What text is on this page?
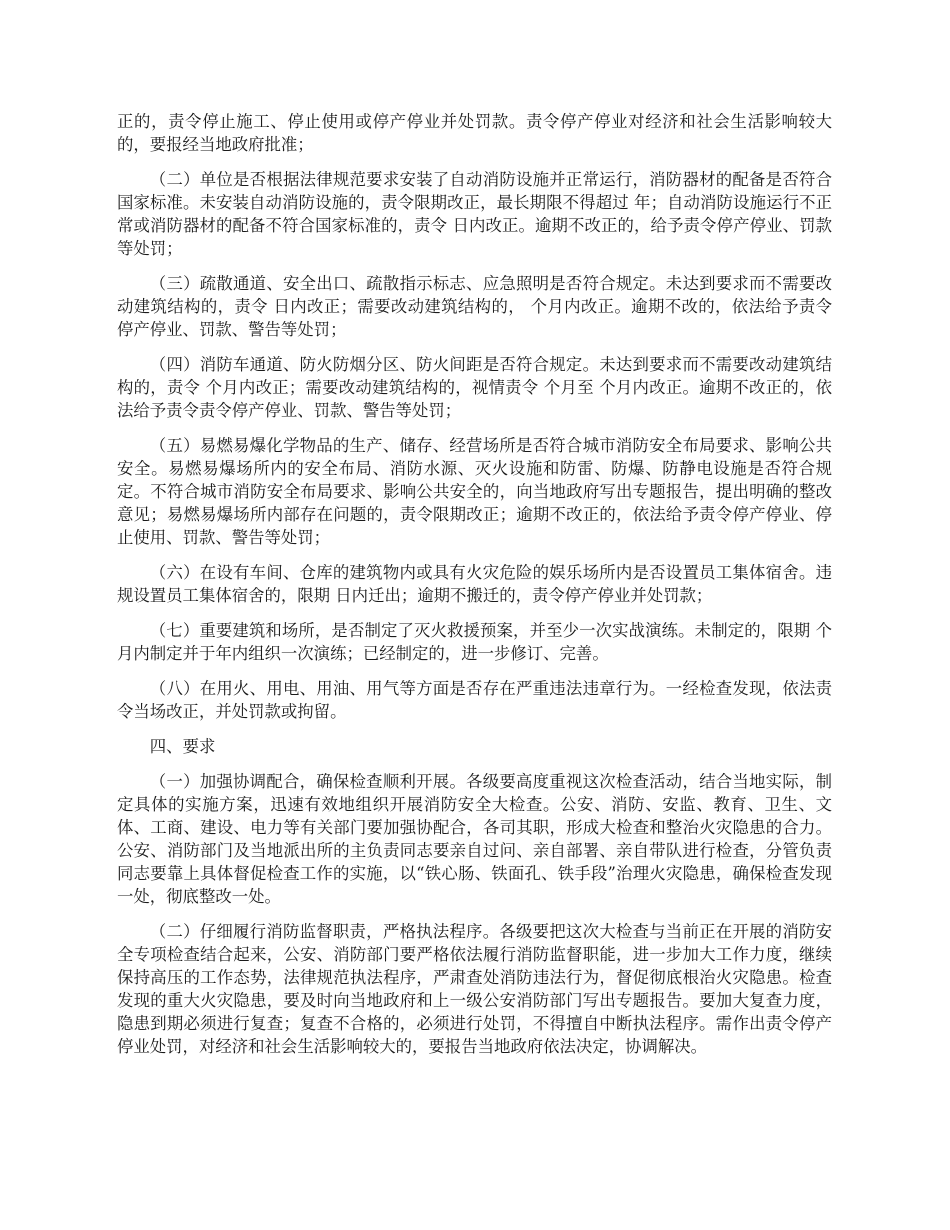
正的，责令停止施工、停止使用或停产停业并处罚款。责令停产停业对经济和社会生活影响较大的，要报经当地政府批准；

（二）单位是否根据法律规范要求安装了自动消防设施并正常运行，消防器材的配备是否符合国家标准。未安装自动消防设施的，责令限期改正，最长期限不得超过 年；自动消防设施运行不正常或消防器材的配备不符合国家标准的，责令 日内改正。逾期不改正的，给予责令停产停业、罚款等处罚；

（三）疏散通道、安全出口、疏散指示标志、应急照明是否符合规定。未达到要求而不需要改动建筑结构的，责令 日内改正；需要改动建筑结构的， 个月内改正。逾期不改的，依法给予责令停产停业、罚款、警告等处罚；

（四）消防车通道、防火防烟分区、防火间距是否符合规定。未达到要求而不需要改动建筑结构的，责令 个月内改正；需要改动建筑结构的，视情责令 个月至 个月内改正。逾期不改正的，依法给予责令责令停产停业、罚款、警告等处罚；

（五）易燃易爆化学物品的生产、储存、经营场所是否符合城市消防安全布局要求、影响公共安全。易燃易爆场所内的安全布局、消防水源、灭火设施和防雷、防爆、防静电设施是否符合规定。不符合城市消防安全布局要求、影响公共安全的，向当地政府写出专题报告，提出明确的整改意见；易燃易爆场所内部存在问题的，责令限期改正；逾期不改正的，依法给予责令停产停业、停止使用、罚款、警告等处罚；

（六）在设有车间、仓库的建筑物内或具有火灾危险的娱乐场所内是否设置员工集体宿舍。违规设置员工集体宿舍的，限期 日内迁出；逾期不搬迁的，责令停产停业并处罚款；

（七）重要建筑和场所，是否制定了灭火救援预案，并至少一次实战演练。未制定的，限期 个月内制定并于年内组织一次演练；已经制定的，进一步修订、完善。

（八）在用火、用电、用油、用气等方面是否存在严重违法违章行为。一经检查发现，依法责令当场改正，并处罚款或拘留。

四、要求

（一）加强协调配合，确保检查顺利开展。各级要高度重视这次检查活动，结合当地实际，制定具体的实施方案，迅速有效地组织开展消防安全大检查。公安、消防、安监、教育、卫生、文体、工商、建设、电力等有关部门要加强协配合，各司其职，形成大检查和整治火灾隐患的合力。公安、消防部门及当地派出所的主负责同志要亲自过问、亲自部署、亲自带队进行检查，分管负责同志要靠上具体督促检查工作的实施，以“铁心肠、铁面孔、铁手段”治理火灾隐患，确保检查发现一处，彻底整改一处。

（二）仔细履行消防监督职责，严格执法程序。各级要把这次大检查与当前正在开展的消防安全专项检查结合起来，公安、消防部门要严格依法履行消防监督职能，进一步加大工作力度，继续保持高压的工作态势，法律规范执法程序，严肃查处消防违法行为，督促彻底根治火灾隐患。检查发现的重大火灾隐患，要及时向当地政府和上一级公安消防部门写出专题报告。要加大复查力度，隐患到期必须进行复查；复查不合格的，必须进行处罚，不得擅自中断执法程序。需作出责令停产停业处罚，对经济和社会生活影响较大的，要报告当地政府依法决定，协调解决。
